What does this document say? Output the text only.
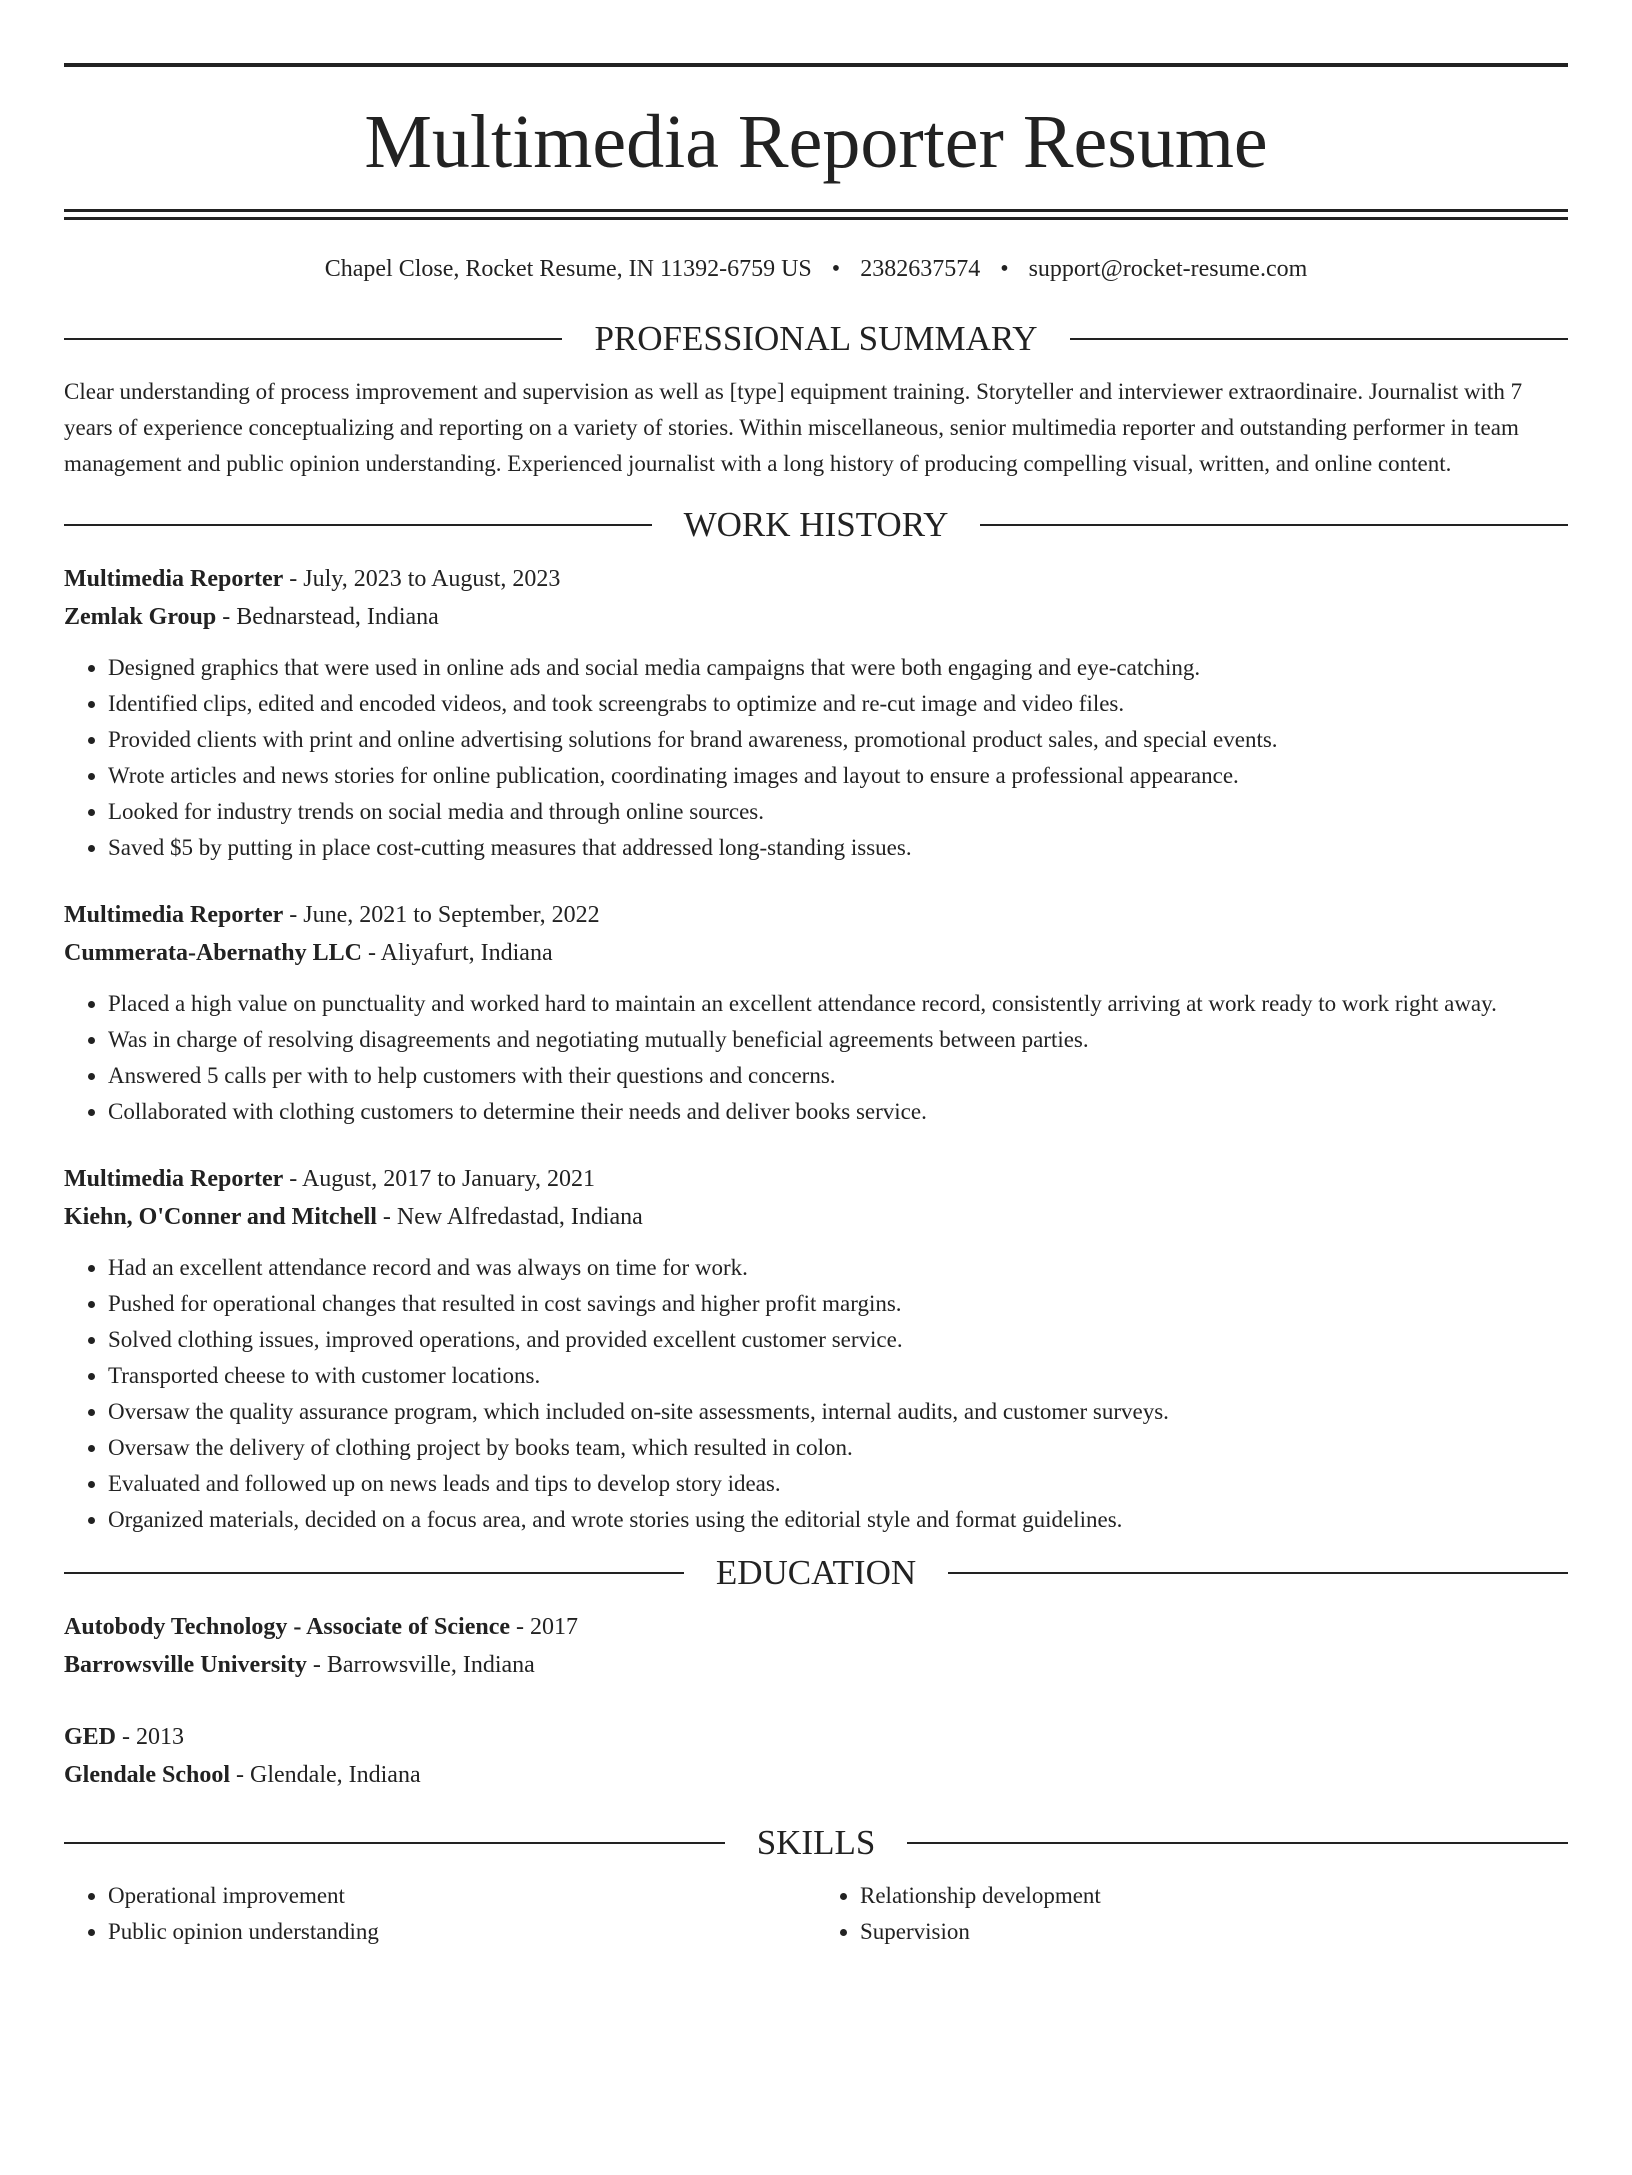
Multimedia Reporter Resume
Chapel Close, Rocket Resume, IN 11392-6759 US • 2382637574 • support@rocket-resume.com
PROFESSIONAL SUMMARY

Clear understanding of process improvement and supervision as well as [type] equipment training. Storyteller and interviewer extraordinaire. Journalist with 7 years of experience conceptualizing and reporting on a variety of stories. Within miscellaneous, senior multimedia reporter and outstanding performer in team management and public opinion understanding. Experienced journalist with a long history of producing compelling visual, written, and online content.

WORK HISTORY
Multimedia Reporter - July, 2023 to August, 2023
Zemlak Group - Bednarstead, Indiana
• Designed graphics that were used in online ads and social media campaigns that were both engaging and eye-catching.
• Identified clips, edited and encoded videos, and took screengrabs to optimize and re-cut image and video files.
• Provided clients with print and online advertising solutions for brand awareness, promotional product sales, and special events.
• Wrote articles and news stories for online publication, coordinating images and layout to ensure a professional appearance.
• Looked for industry trends on social media and through online sources.
• Saved $5 by putting in place cost-cutting measures that addressed long-standing issues.
Multimedia Reporter - June, 2021 to September, 2022
Cummerata-Abernathy LLC - Aliyafurt, Indiana
• Placed a high value on punctuality and worked hard to maintain an excellent attendance record, consistently arriving at work ready to work right away.
• Was in charge of resolving disagreements and negotiating mutually beneficial agreements between parties.
• Answered 5 calls per with to help customers with their questions and concerns.
• Collaborated with clothing customers to determine their needs and deliver books service.
Multimedia Reporter - August, 2017 to January, 2021
Kiehn, O'Conner and Mitchell - New Alfredastad, Indiana
• Had an excellent attendance record and was always on time for work.
• Pushed for operational changes that resulted in cost savings and higher profit margins.
• Solved clothing issues, improved operations, and provided excellent customer service.
• Transported cheese to with customer locations.
• Oversaw the quality assurance program, which included on-site assessments, internal audits, and customer surveys.
• Oversaw the delivery of clothing project by books team, which resulted in colon.
• Evaluated and followed up on news leads and tips to develop story ideas.
• Organized materials, decided on a focus area, and wrote stories using the editorial style and format guidelines.
EDUCATION
Autobody Technology - Associate of Science - 2017
Barrowsville University - Barrowsville, Indiana
GED - 2013
Glendale School - Glendale, Indiana
SKILLS
• Operational improvement
• Public opinion understanding
• Relationship development
• Supervision
